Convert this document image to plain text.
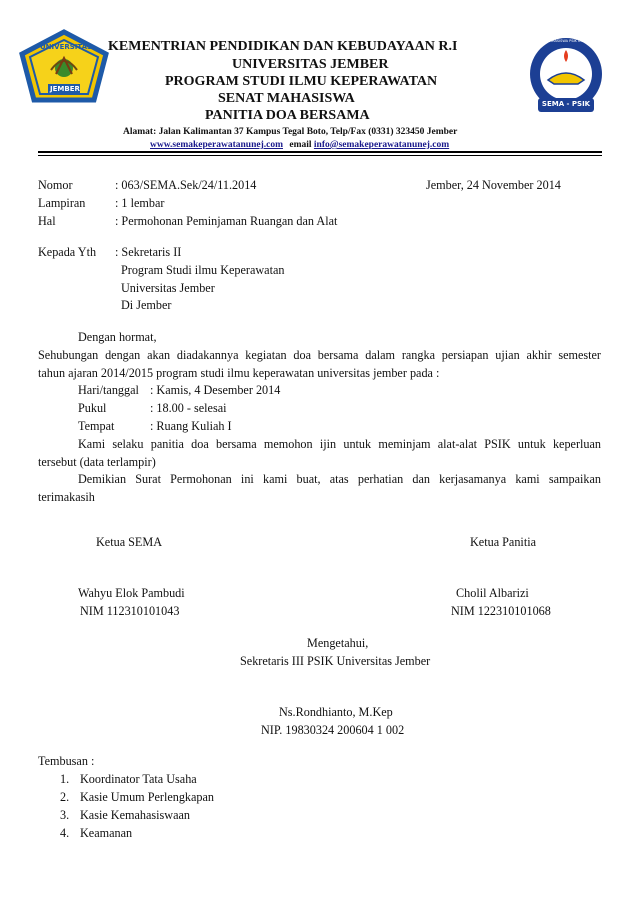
UNIVERSITAS
JEMBER
SENAT MAHASISWA PSIK UNIVERSITAS JEMBER
SEMA - PSIK
KEMENTRIAN PENDIDIKAN DAN KEBUDAYAAN R.I
UNIVERSITAS JEMBER
PROGRAM STUDI ILMU KEPERAWATAN
SENAT MAHASISWA
PANITIA DOA BERSAMA
Alamat: Jalan Kalimantan 37 Kampus Tegal Boto, Telp/Fax (0331) 323450 Jember
www.semakeperawatanunej.com email info@semakeperawatanunej.com
Nomor	: 063/SEMA.Sek/24/11.2014	Jember, 24 November 2014
Lampiran : 1 lembar
Hal	: Permohonan Peminjaman Ruangan dan Alat
Kepada Yth : Sekretaris II
Program Studi ilmu Keperawatan
Universitas Jember
Di Jember
Dengan hormat,
Sehubungan dengan akan diadakannya kegiatan doa bersama dalam rangka persiapan ujian akhir semester
tahun ajaran 2014/2015 program studi ilmu keperawatan universitas jember pada :
Hari/tanggal : Kamis, 4 Desember 2014
Pukul	: 18.00 - selesai
Tempat	: Ruang Kuliah I
Kami selaku panitia doa bersama memohon ijin untuk meminjam alat-alat PSIK untuk keperluan
tersebut (data terlampir)
Demikian Surat Permohonan ini kami buat, atas perhatian dan kerjasamanya kami sampaikan
terimakasih
Ketua SEMA	Ketua Panitia
Wahyu Elok Pambudi
NIM 112310101043
Cholil Albarizi
NIM 122310101068
Mengetahui,
Sekretaris III PSIK Universitas Jember
Ns.Rondhianto, M.Kep
NIP. 19830324 200604 1 002
Tembusan :
1. Koordinator Tata Usaha
2. Kasie Umum Perlengkapan
3. Kasie Kemahasiswaan
4. Keamanan
